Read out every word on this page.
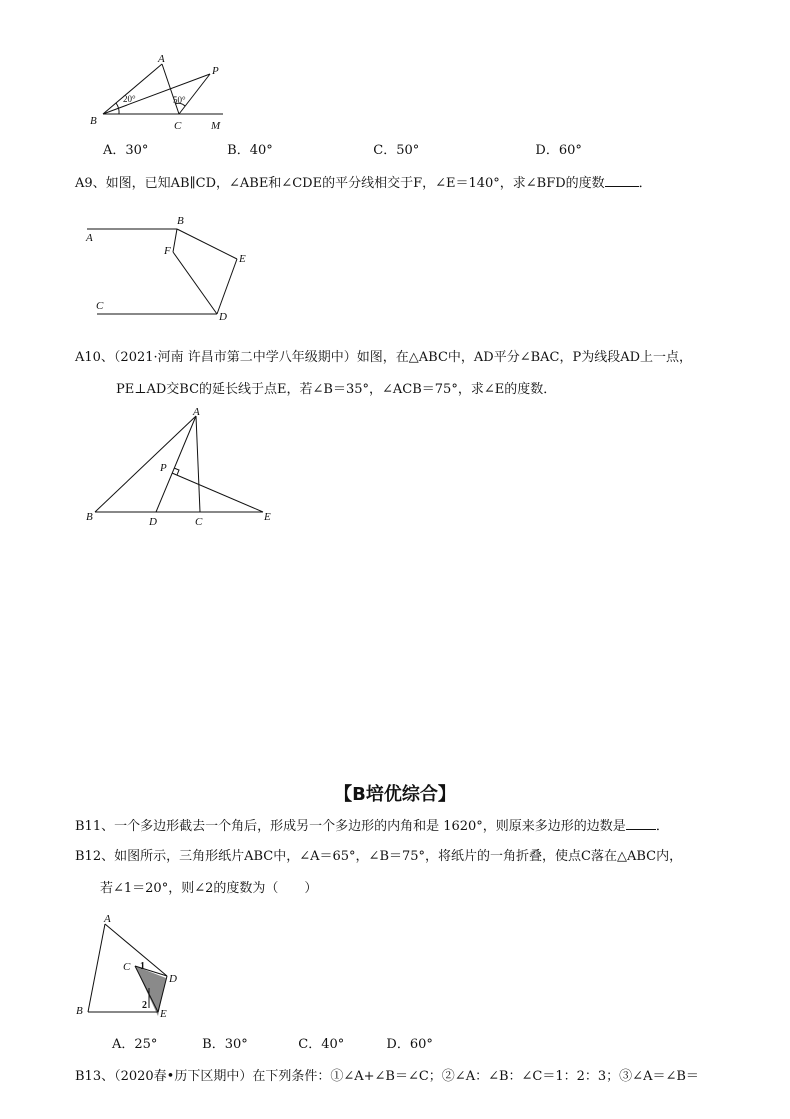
A
P
B	C	M
20°	50°
A．30°	B．40°	C．50°	D．60°
A9、如图，已知AB∥CD，∠ABE和∠CDE的平分线相交于F，∠E＝140°，求∠BFD的度数	．
A
B
F
E
C
D
A10、（2021·河南 许昌市第二中学八年级期中）如图，在△ABC中，AD平分∠BAC，P为线段AD上一点，
PE⊥AD交BC的延长线于点E，若∠B＝35°，∠ACB＝75°，求∠E的度数．
A
P
B	D	C	E
【B培优综合】
B11、一个多边形截去一个角后，形成另一个多边形的内角和是 1620°，则原来多边形的边数是 ．
B12、如图所示，三角形纸片ABC中，∠A＝65°，∠B＝75°，将纸片的一角折叠，使点C落在△ABC内，
若∠1＝20°，则∠2的度数为（　　）
A
B
C
D
E
1
2
A．25°	B．30°	C．40°	D．60°
B13、（2020春•历下区期中）在下列条件：①∠A+∠B＝∠C；②∠A：∠B：∠C＝1：2：3；③∠A＝∠B＝
